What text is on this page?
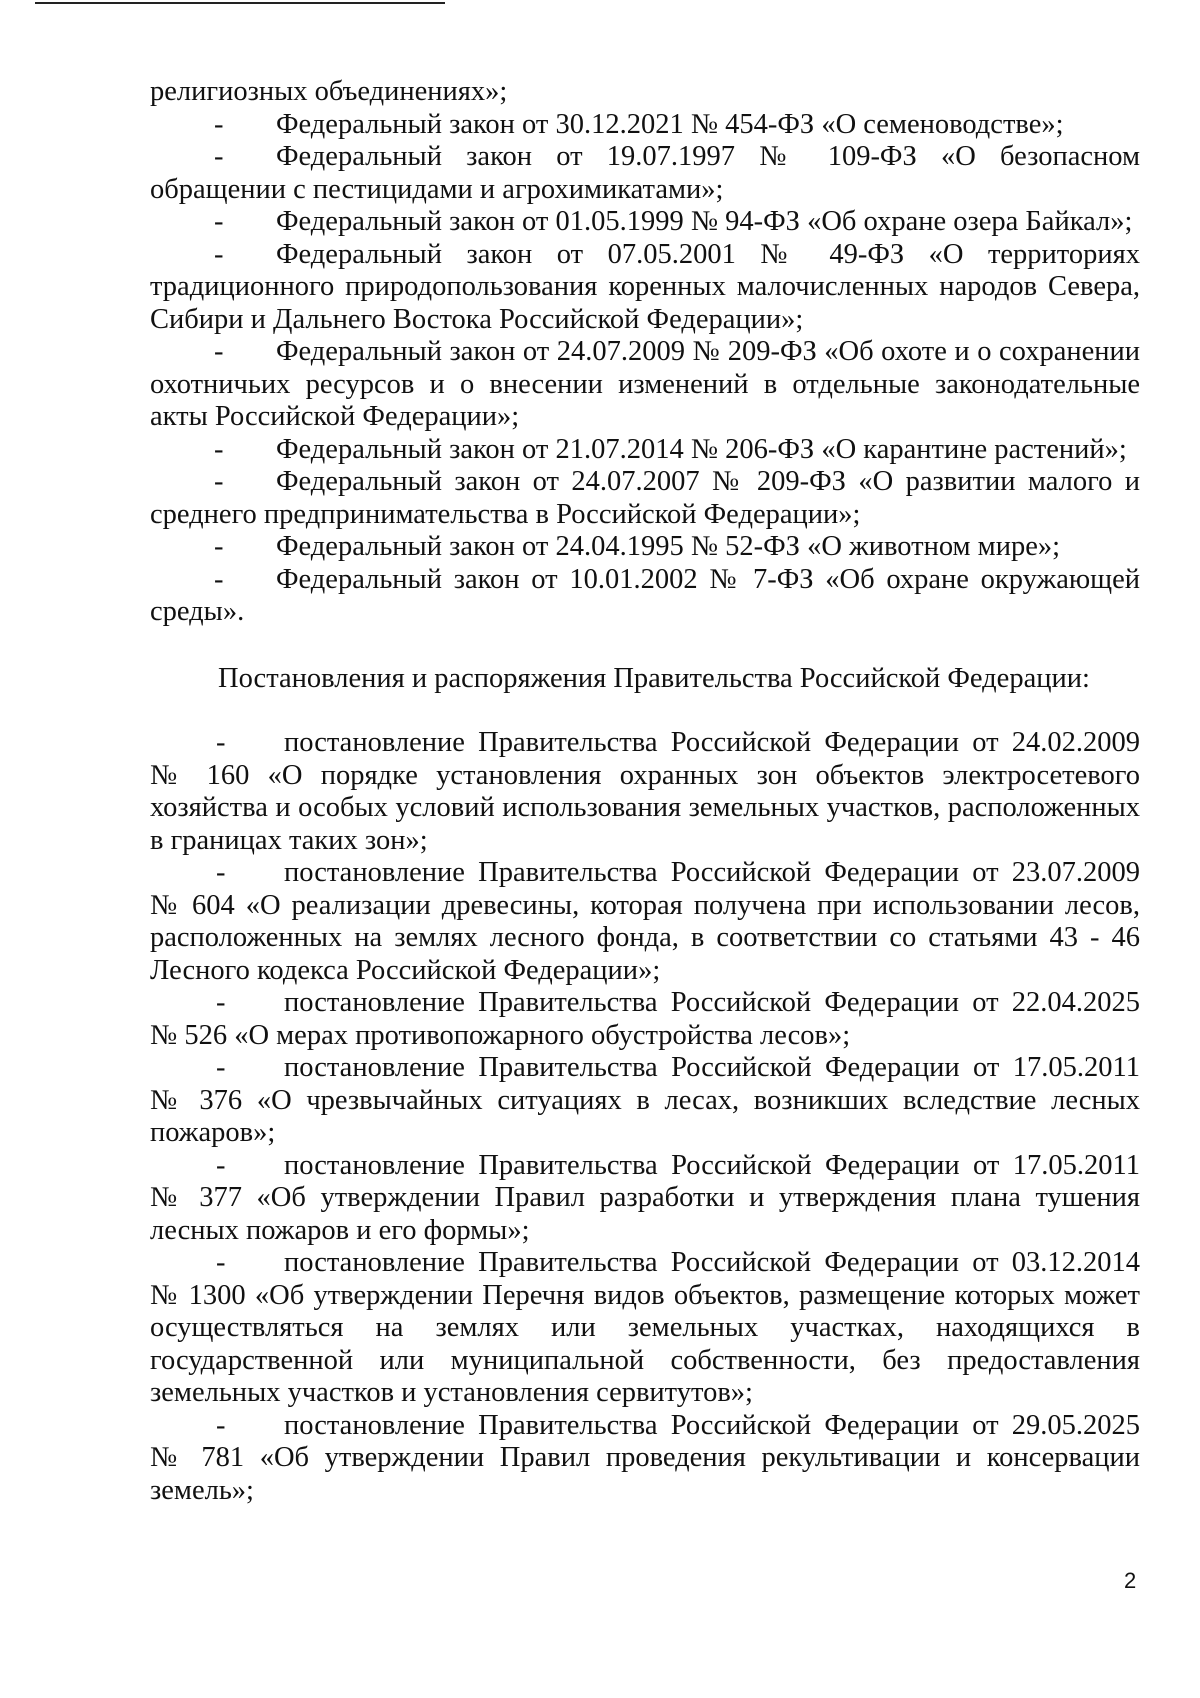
религиозных объединениях»;

- Федеральный закон от 30.12.2021 № 454-ФЗ «О семеноводстве»;

- Федеральный закон от 19.07.1997 № 109-ФЗ «О безопасном обращении с пестицидами и агрохимикатами»;

- Федеральный закон от 01.05.1999 № 94-ФЗ «Об охране озера Байкал»;

- Федеральный закон от 07.05.2001 № 49-ФЗ «О территориях традиционного природопользования коренных малочисленных народов Севера, Сибири и Дальнего Востока Российской Федерации»;

- Федеральный закон от 24.07.2009 № 209-ФЗ «Об охоте и о сохранении охотничьих ресурсов и о внесении изменений в отдельные законодательные акты Российской Федерации»;

- Федеральный закон от 21.07.2014 № 206-ФЗ «О карантине растений»;

- Федеральный закон от 24.07.2007 № 209-ФЗ «О развитии малого и среднего предпринимательства в Российской Федерации»;

- Федеральный закон от 24.04.1995 № 52-ФЗ «О животном мире»;

- Федеральный закон от 10.01.2002 № 7-ФЗ «Об охране окружающей среды».

Постановления и распоряжения Правительства Российской Федерации:

- постановление Правительства Российской Федерации от 24.02.2009 № 160 «О порядке установления охранных зон объектов электросетевого хозяйства и особых условий использования земельных участков, расположенных в границах таких зон»;

- постановление Правительства Российской Федерации от 23.07.2009 № 604 «О реализации древесины, которая получена при использовании лесов, расположенных на землях лесного фонда, в соответствии со статьями 43 - 46 Лесного кодекса Российской Федерации»;

- постановление Правительства Российской Федерации от 22.04.2025 № 526 «О мерах противопожарного обустройства лесов»;

- постановление Правительства Российской Федерации от 17.05.2011 № 376 «О чрезвычайных ситуациях в лесах, возникших вследствие лесных пожаров»;

- постановление Правительства Российской Федерации от 17.05.2011 № 377 «Об утверждении Правил разработки и утверждения плана тушения лесных пожаров и его формы»;

- постановление Правительства Российской Федерации от 03.12.2014 № 1300 «Об утверждении Перечня видов объектов, размещение которых может осуществляться на землях или земельных участках, находящихся в государственной или муниципальной собственности, без предоставления земельных участков и установления сервитутов»;

- постановление Правительства Российской Федерации от 29.05.2025 № 781 «Об утверждении Правил проведения рекультивации и консервации земель»;

2
